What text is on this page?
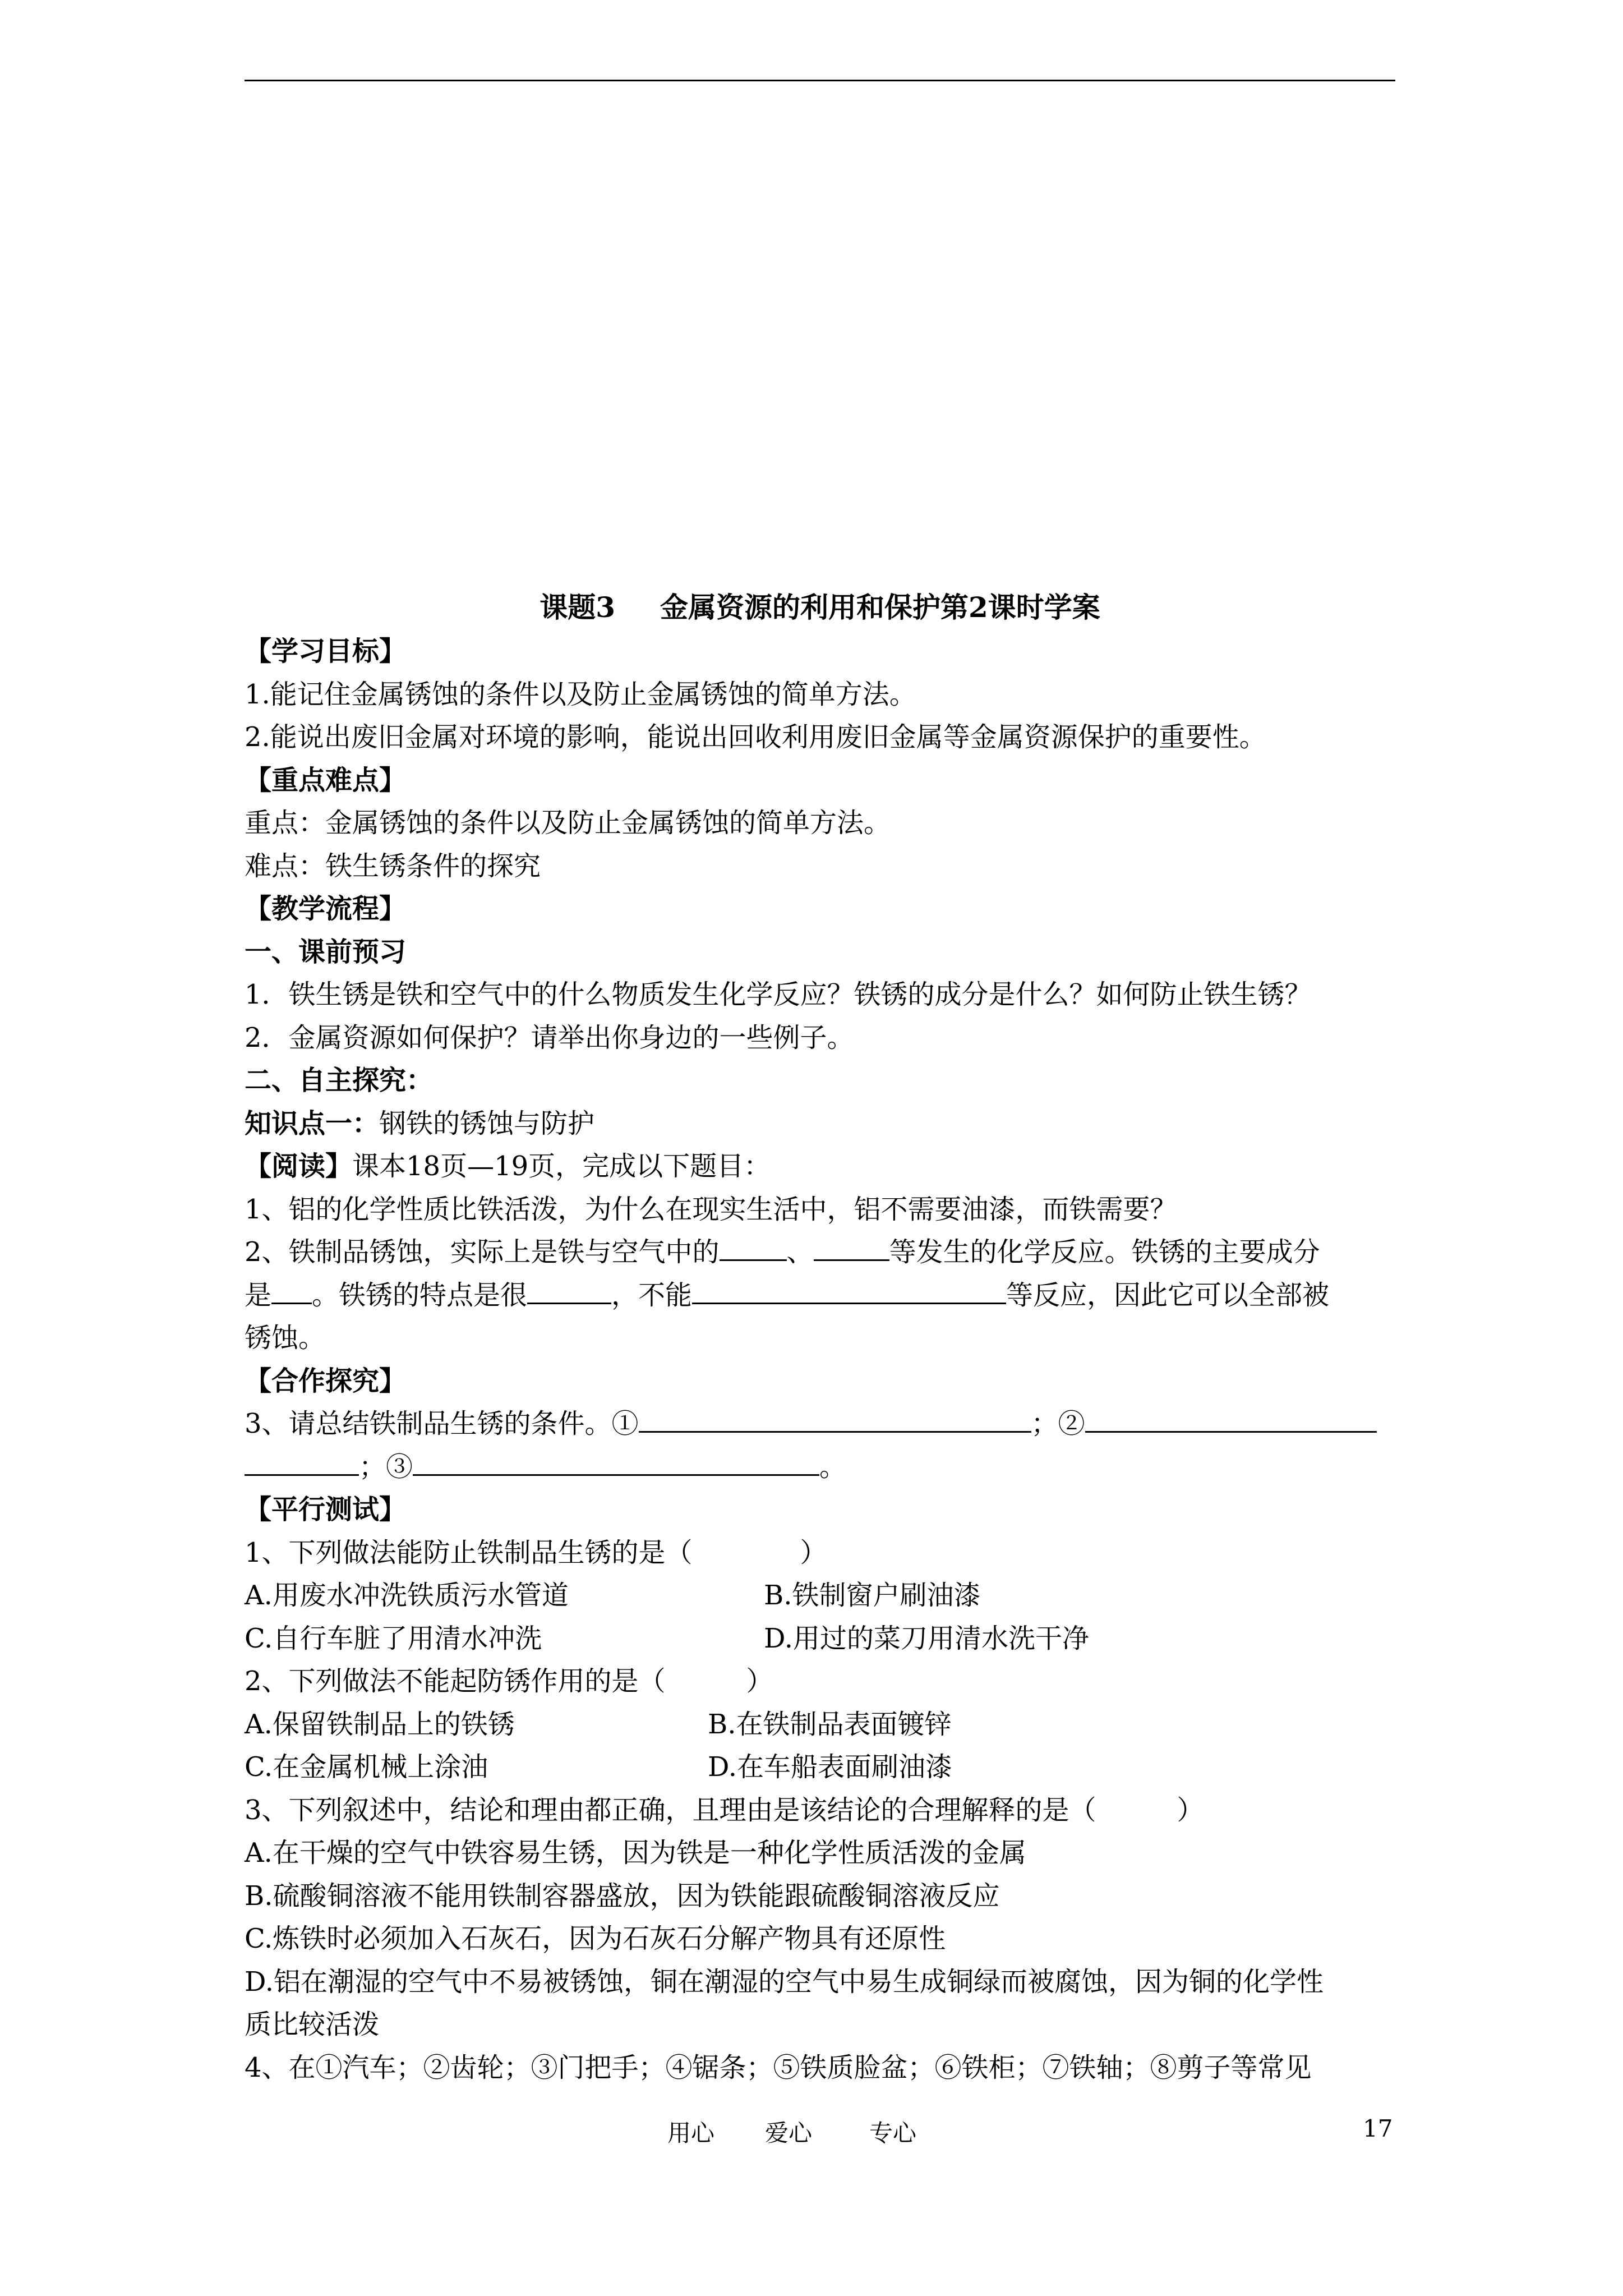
课题3 金属资源的利用和保护第2课时学案

【学习目标】

1.能记住金属锈蚀的条件以及防止金属锈蚀的简单方法。

2.能说出废旧金属对环境的影响，能说出回收利用废旧金属等金属资源保护的重要性。

【重点难点】

重点：金属锈蚀的条件以及防止金属锈蚀的简单方法。

难点：铁生锈条件的探究

【教学流程】

一、课前预习

1．铁生锈是铁和空气中的什么物质发生化学反应？铁锈的成分是什么？如何防止铁生锈？

2．金属资源如何保护？请举出你身边的一些例子。

二、自主探究：

知识点一：钢铁的锈蚀与防护

【阅读】课本18页—19页，完成以下题目：

1、铝的化学性质比铁活泼，为什么在现实生活中，铝不需要油漆，而铁需要？

2、铁制品锈蚀，实际上是铁与空气中的	、	等发生的化学反应。铁锈的主要成分

是 。铁锈的特点是很	，不能	等反应，因此它可以全部被

锈蚀。

【合作探究】

3、请总结铁制品生锈的条件。①	；②

；③	。

【平行测试】

1、下列做法能防止铁制品生锈的是（　　　　）

A.用废水冲洗铁质污水管道	B.铁制窗户刷油漆

C.自行车脏了用清水冲洗	D.用过的菜刀用清水洗干净

2、下列做法不能起防锈作用的是（　　　）

A.保留铁制品上的铁锈	B.在铁制品表面镀锌

C.在金属机械上涂油	D.在车船表面刷油漆

3、下列叙述中，结论和理由都正确，且理由是该结论的合理解释的是（　　　）

A.在干燥的空气中铁容易生锈，因为铁是一种化学性质活泼的金属

B.硫酸铜溶液不能用铁制容器盛放，因为铁能跟硫酸铜溶液反应

C.炼铁时必须加入石灰石，因为石灰石分解产物具有还原性

D.铝在潮湿的空气中不易被锈蚀，铜在潮湿的空气中易生成铜绿而被腐蚀，因为铜的化学性

质比较活泼

4、在①汽车；②齿轮；③门把手；④锯条；⑤铁质脸盆；⑥铁柜；⑦铁轴；⑧剪子等常见

用心 爱心 专心	17
